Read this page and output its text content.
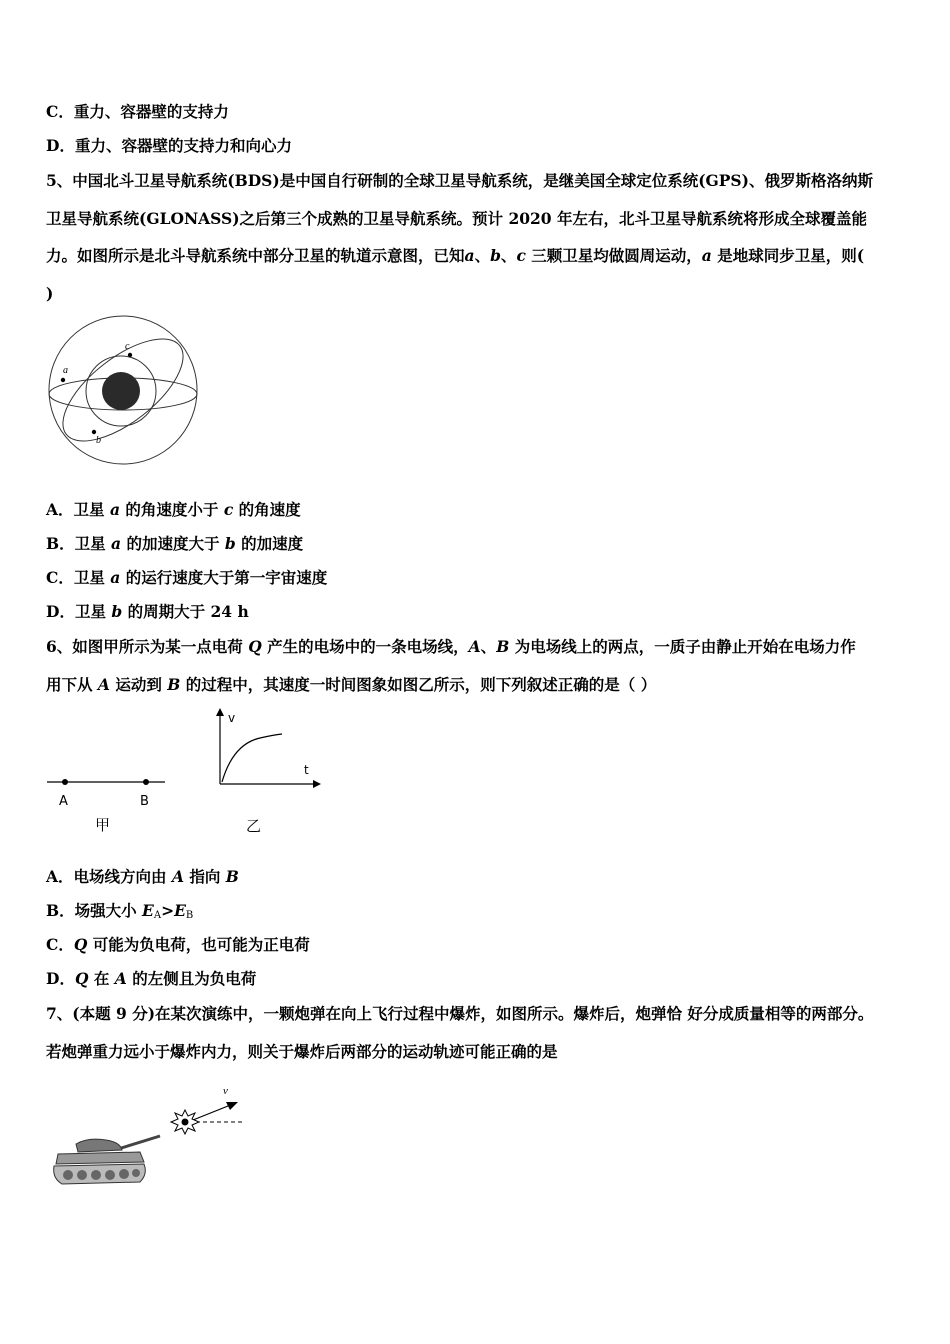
C．重力、容器壁的支持力
D．重力、容器壁的支持力和向心力
5、中国北斗卫星导航系统(BDS)是中国自行研制的全球卫星导航系统，是继美国全球定位系统(GPS)、俄罗斯格洛纳斯
卫星导航系统(GLONASS)之后第三个成熟的卫星导航系统。预计 2020 年左右，北斗卫星导航系统将形成全球覆盖能
力。如图所示是北斗导航系统中部分卫星的轨道示意图，已知a、b、c 三颗卫星均做圆周运动，a 是地球同步卫星，则(
)
a
c
b
A．卫星 a 的角速度小于 c 的角速度
B．卫星 a 的加速度大于 b 的加速度
C．卫星 a 的运行速度大于第一宇宙速度
D．卫星 b 的周期大于 24 h
6、如图甲所示为某一点电荷 Q 产生的电场中的一条电场线，A、B 为电场线上的两点，一质子由静止开始在电场力作
用下从 A 运动到 B 的过程中，其速度一时间图象如图乙所示，则下列叙述正确的是（ ）
A	B
甲
v
t
乙
A．电场线方向由 A 指向 B
B．场强大小 $E_A>E_B$
C．Q 可能为负电荷，也可能为正电荷
D．Q 在 A 的左侧且为负电荷
7、(本题 9 分)在某次演练中，一颗炮弹在向上飞行过程中爆炸，如图所示。爆炸后，炮弹恰 好分成质量相等的两部分。
若炮弹重力远小于爆炸内力，则关于爆炸后两部分的运动轨迹可能正确的是
v
